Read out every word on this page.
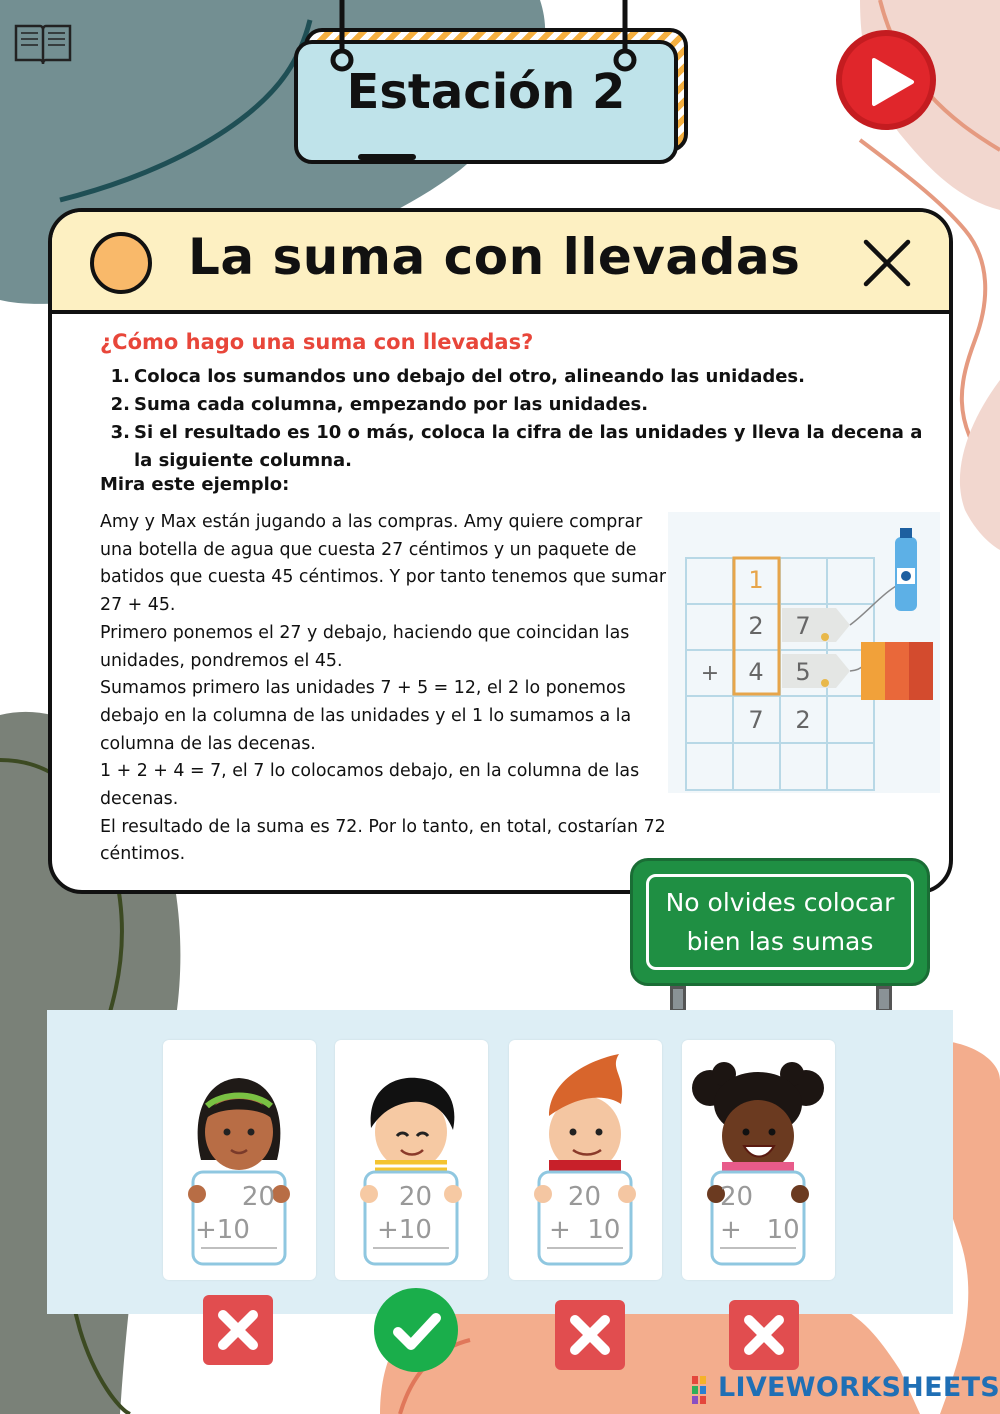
Estación 2
La suma con llevadas
¿Cómo hago una suma con llevadas?
1. Coloca los sumandos uno debajo del otro, alineando las unidades.
2. Suma cada columna, empezando por las unidades.
3. Si el resultado es 10 o más, coloca la cifra de las unidades y lleva la decena a la siguiente columna.
Mira este ejemplo:

Amy y Max están jugando a las compras. Amy quiere comprar una botella de agua que cuesta 27 céntimos y un paquete de batidos que cuesta 45 céntimos. Y por tanto tenemos que sumar 27 + 45.

Primero ponemos el 27 y debajo, haciendo que coincidan las unidades, pondremos el 45.

Sumamos primero las unidades 7 + 5 = 12, el 2 lo ponemos debajo en la columna de las unidades y el 1 lo sumamos a la columna de las decenas.

1 + 2 + 4 = 7, el 7 lo colocamos debajo, en la columna de las decenas.

El resultado de la suma es 72. Por lo tanto, en total, costarían 72 céntimos.

1
2 7
+ 4 5
7 2
No olvides colocar
bien las sumas
20
+10
20
+10
20
+  10
20
+   10
LIVEWORKSHEETS
